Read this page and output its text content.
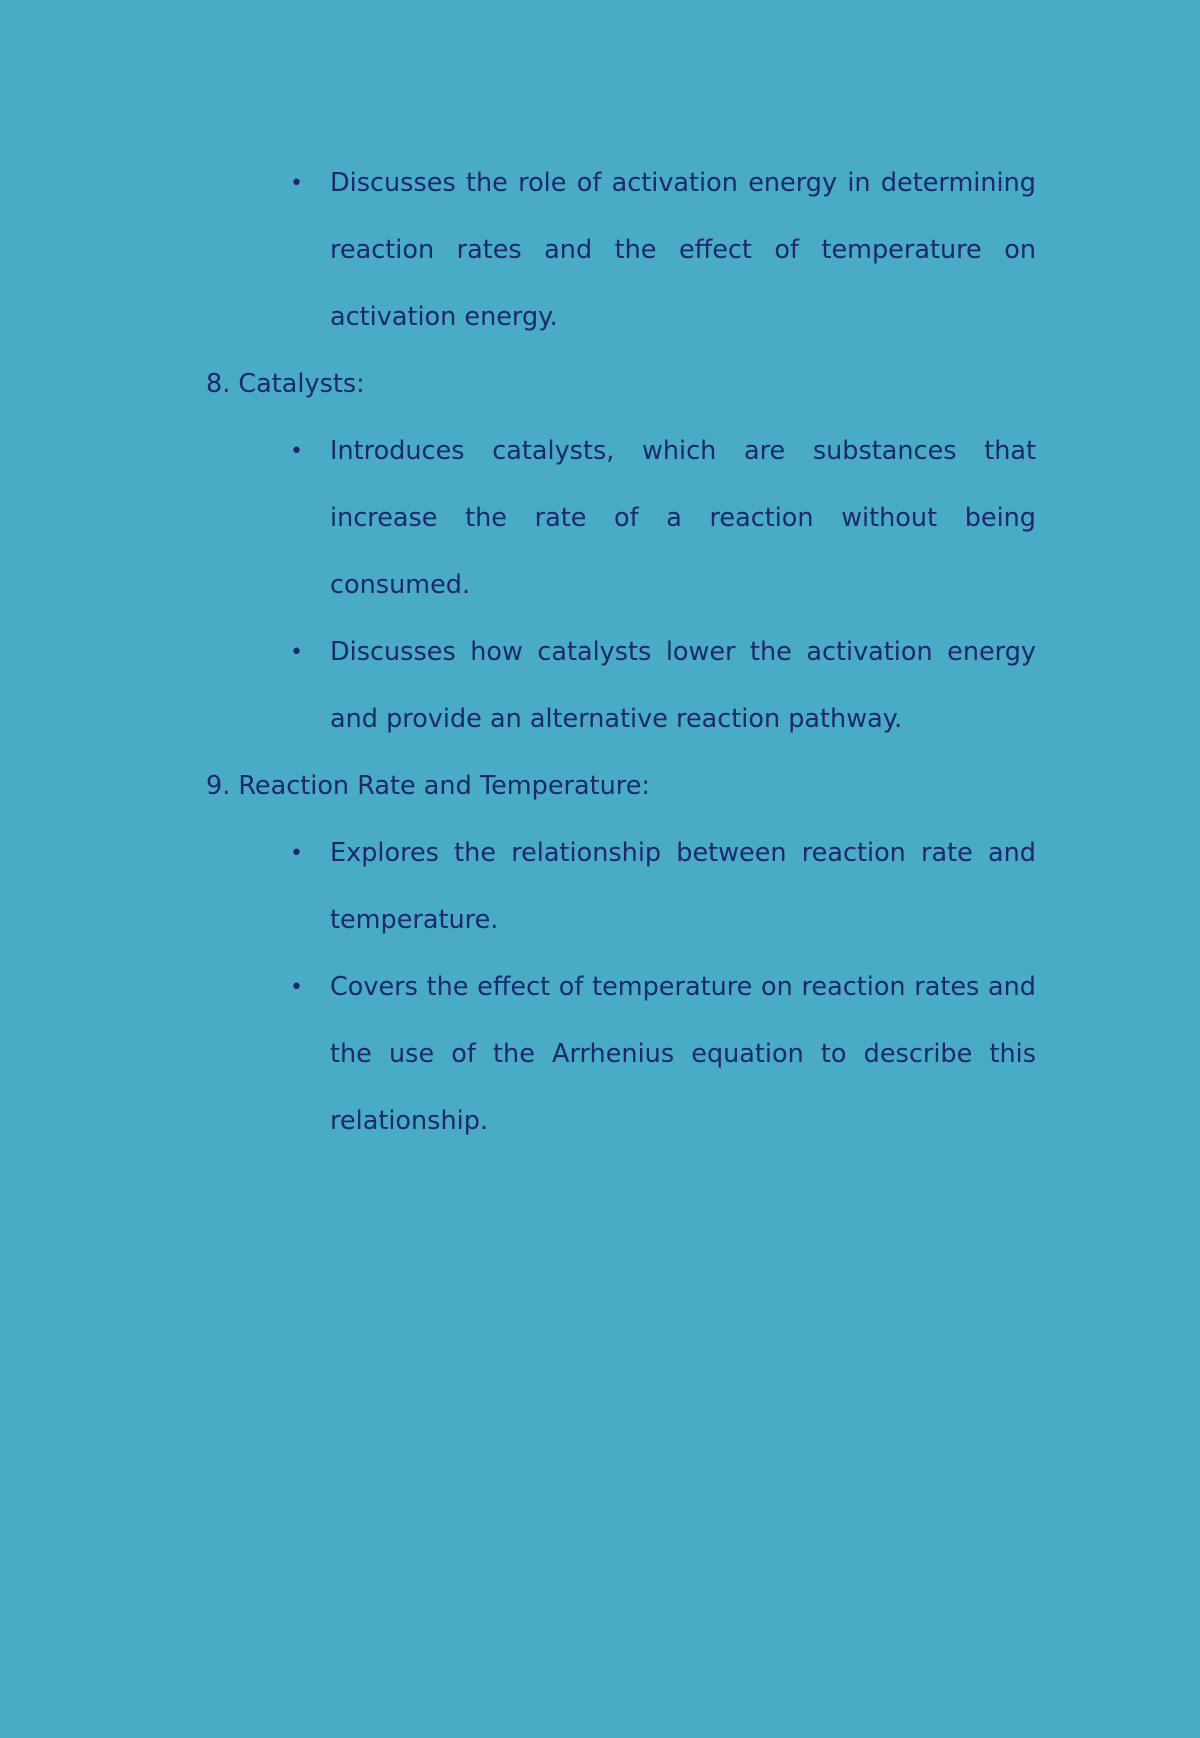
• Discusses the role of activation energy in determining reaction rates and the effect of temperature on activation energy.
8. Catalysts:
• Introduces catalysts, which are substances that increase the rate of a reaction without being consumed.
• Discusses how catalysts lower the activation energy and provide an alternative reaction pathway.
9. Reaction Rate and Temperature:
• Explores the relationship between reaction rate and temperature.
• Covers the effect of temperature on reaction rates and the use of the Arrhenius equation to describe this relationship.
